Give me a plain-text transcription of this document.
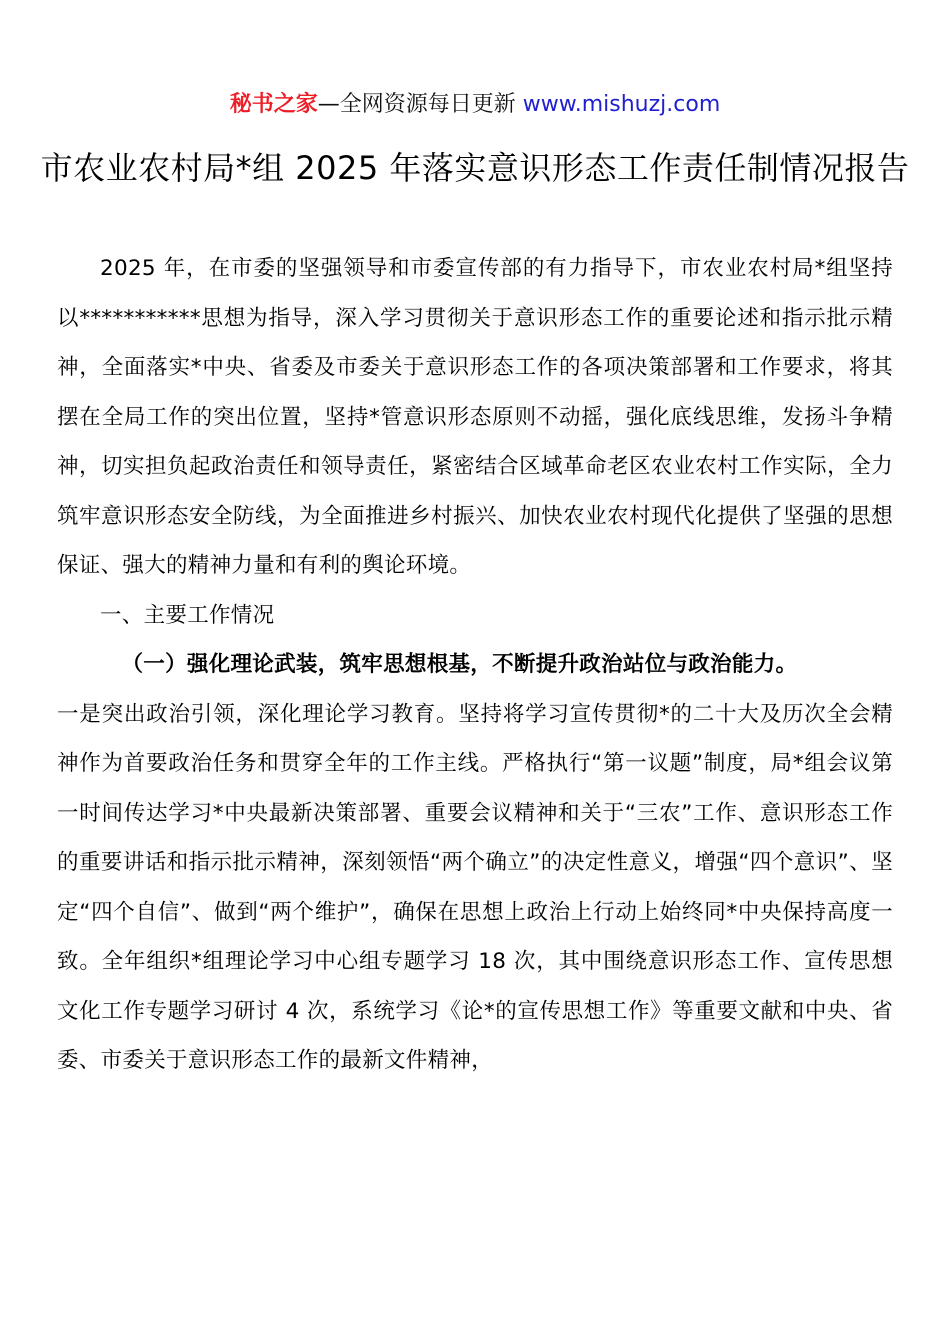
秘书之家—全网资源每日更新 www.mishuzj.com
市农业农村局*组 2025 年落实意识形态工作责任制情况报告

2025 年，在市委的坚强领导和市委宣传部的有力指导下，市农业农村局*组坚持以***********思想为指导，深入学习贯彻关于意识形态工作的重要论述和指示批示精神，全面落实*中央、省委及市委关于意识形态工作的各项决策部署和工作要求，将其摆在全局工作的突出位置，坚持*管意识形态原则不动摇，强化底线思维，发扬斗争精神，切实担负起政治责任和领导责任，紧密结合区域革命老区农业农村工作实际，全力筑牢意识形态安全防线，为全面推进乡村振兴、加快农业农村现代化提供了坚强的思想保证、强大的精神力量和有利的舆论环境。

一、主要工作情况

（一）强化理论武装，筑牢思想根基，不断提升政治站位与政治能力。

一是突出政治引领，深化理论学习教育。坚持将学习宣传贯彻*的二十大及历次全会精神作为首要政治任务和贯穿全年的工作主线。严格执行“第一议题”制度，局*组会议第一时间传达学习*中央最新决策部署、重要会议精神和关于“三农”工作、意识形态工作的重要讲话和指示批示精神，深刻领悟“两个确立”的决定性意义，增强“四个意识”、坚定“四个自信”、做到“两个维护”，确保在思想上政治上行动上始终同*中央保持高度一致。全年组织*组理论学习中心组专题学习 18 次，其中围绕意识形态工作、宣传思想文化工作专题学习研讨 4 次，系统学习《论*的宣传思想工作》等重要文献和中央、省委、市委关于意识形态工作的最新文件精神，
